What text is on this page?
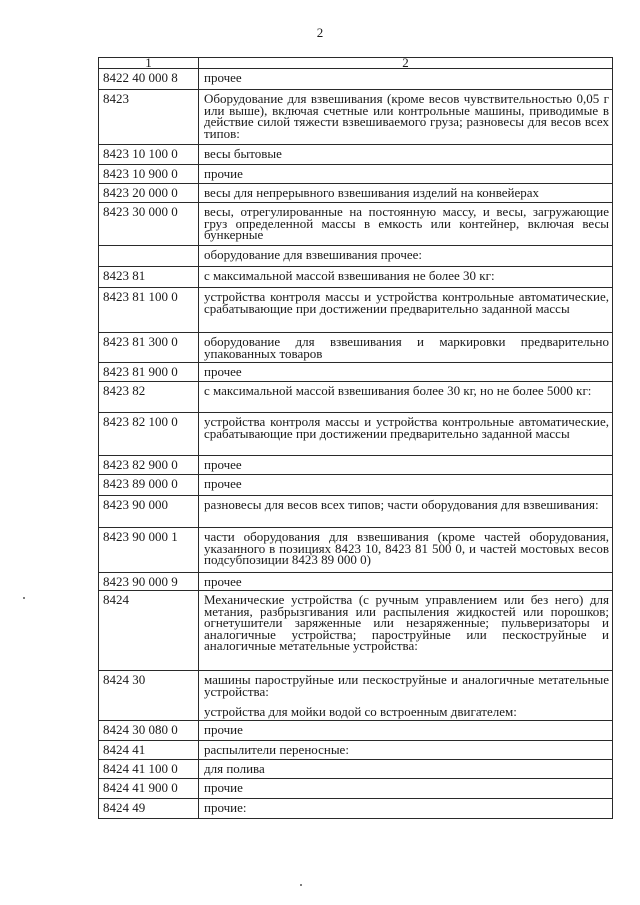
2
1	2
8422 40 000 8	прочее
8423	Оборудование для взвешивания (кроме весов чувствительностью 0,05 г или выше), включая счетные или контрольные машины, приводимые в действие силой тяжести взвешиваемого груза; разновесы для весов всех типов:
8423 10 100 0	весы бытовые
8423 10 900 0	прочие
8423 20 000 0	весы для непрерывного взвешивания изделий на конвейерах
8423 30 000 0	весы, отрегулированные на постоянную массу, и весы, загружающие груз определенной массы в емкость или контейнер, включая весы бункерные
	оборудование для взвешивания прочее:
8423 81	с максимальной массой взвешивания не более 30 кг:
8423 81 100 0	устройства контроля массы и устройства контрольные автоматические, срабатывающие при достижении предварительно заданной массы
8423 81 300 0	оборудование для взвешивания и маркировки предварительно упакованных товаров
8423 81 900 0	прочее
8423 82	с максимальной массой взвешивания более 30 кг, но не более 5000 кг:
8423 82 100 0	устройства контроля массы и устройства контрольные автоматические, срабатывающие при достижении предварительно заданной массы
8423 82 900 0	прочее
8423 89 000 0	прочее
8423 90 000	разновесы для весов всех типов; части оборудования для взвешивания:
8423 90 000 1	части оборудования для взвешивания (кроме частей оборудования, указанного в позициях 8423 10, 8423 81 500 0, и частей мостовых весов подсубпозиции 8423 89 000 0)
8423 90 000 9	прочее
8424	Механические устройства (с ручным управлением или без него) для метания, разбрызгивания или распыления жидкостей или порошков; огнетушители заряженные или незаряженные; пульверизаторы и аналогичные устройства; пароструйные или пескоструйные и аналогичные метательные устройства:
8424 30	машины пароструйные или пескоструйные и аналогичные метательные устройства:
устройства для мойки водой со встроенным двигателем:

8424 30 080 0	прочие
8424 41	распылители переносные:
8424 41 100 0	для полива
8424 41 900 0	прочие
8424 49	прочие:
